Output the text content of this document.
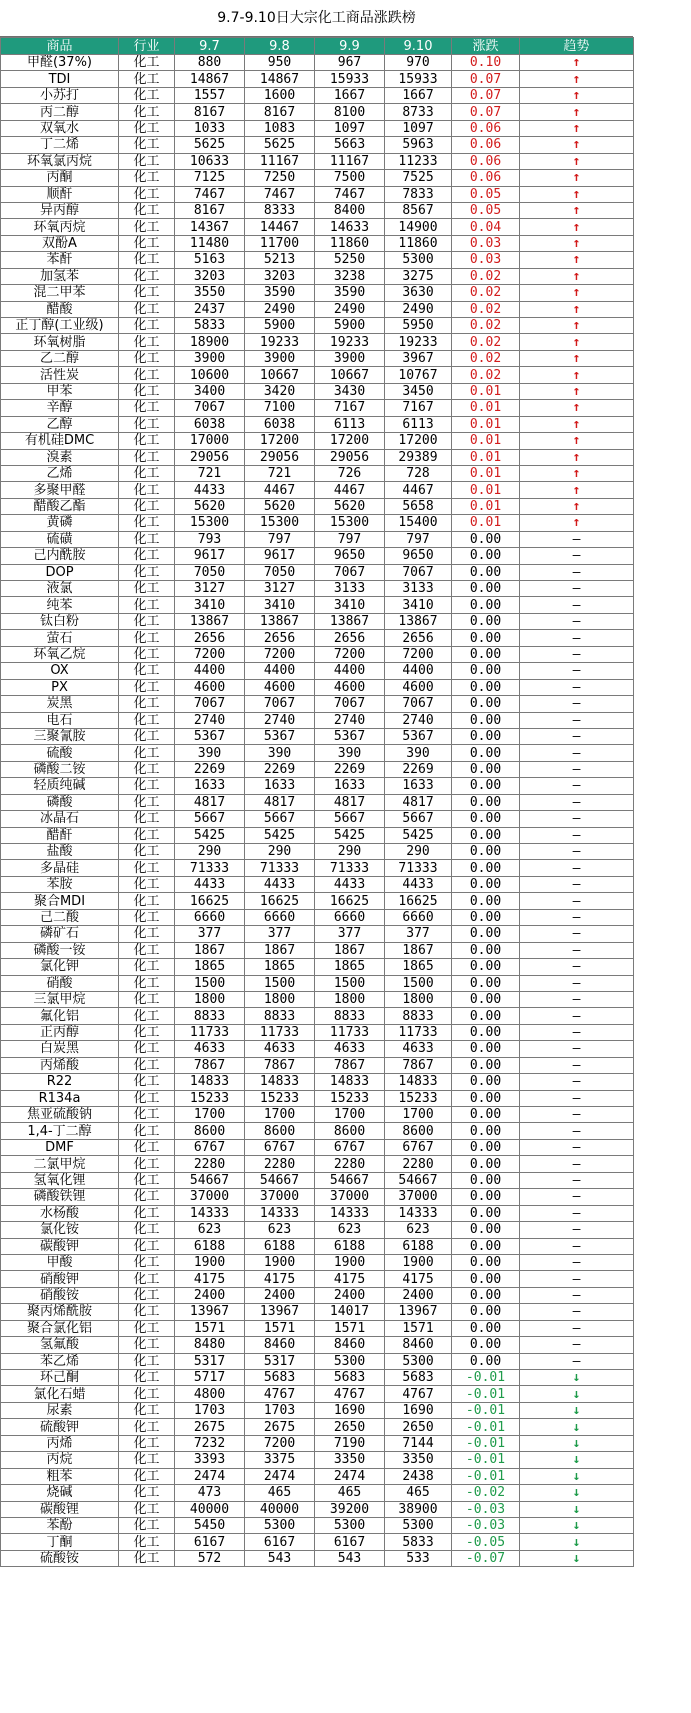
9.7-9.10日大宗化工商品涨跌榜
商品	行业	9.7	9.8	9.9	9.10	涨跌	趋势
甲醛(37%)	化工	880	950	967	970	0.10	↑
TDI	化工	14867	14867	15933	15933	0.07	↑
小苏打	化工	1557	1600	1667	1667	0.07	↑
丙二醇	化工	8167	8167	8100	8733	0.07	↑
双氧水	化工	1033	1083	1097	1097	0.06	↑
丁二烯	化工	5625	5625	5663	5963	0.06	↑
环氧氯丙烷	化工	10633	11167	11167	11233	0.06	↑
丙酮	化工	7125	7250	7500	7525	0.06	↑
顺酐	化工	7467	7467	7467	7833	0.05	↑
异丙醇	化工	8167	8333	8400	8567	0.05	↑
环氧丙烷	化工	14367	14467	14633	14900	0.04	↑
双酚A	化工	11480	11700	11860	11860	0.03	↑
苯酐	化工	5163	5213	5250	5300	0.03	↑
加氢苯	化工	3203	3203	3238	3275	0.02	↑
混二甲苯	化工	3550	3590	3590	3630	0.02	↑
醋酸	化工	2437	2490	2490	2490	0.02	↑
正丁醇(工业级)	化工	5833	5900	5900	5950	0.02	↑
环氧树脂	化工	18900	19233	19233	19233	0.02	↑
乙二醇	化工	3900	3900	3900	3967	0.02	↑
活性炭	化工	10600	10667	10667	10767	0.02	↑
甲苯	化工	3400	3420	3430	3450	0.01	↑
辛醇	化工	7067	7100	7167	7167	0.01	↑
乙醇	化工	6038	6038	6113	6113	0.01	↑
有机硅DMC	化工	17000	17200	17200	17200	0.01	↑
溴素	化工	29056	29056	29056	29389	0.01	↑
乙烯	化工	721	721	726	728	0.01	↑
多聚甲醛	化工	4433	4467	4467	4467	0.01	↑
醋酸乙酯	化工	5620	5620	5620	5658	0.01	↑
黄磷	化工	15300	15300	15300	15400	0.01	↑
硫磺	化工	793	797	797	797	0.00	–
己内酰胺	化工	9617	9617	9650	9650	0.00	–
DOP	化工	7050	7050	7067	7067	0.00	–
液氯	化工	3127	3127	3133	3133	0.00	–
纯苯	化工	3410	3410	3410	3410	0.00	–
钛白粉	化工	13867	13867	13867	13867	0.00	–
萤石	化工	2656	2656	2656	2656	0.00	–
环氧乙烷	化工	7200	7200	7200	7200	0.00	–
OX	化工	4400	4400	4400	4400	0.00	–
PX	化工	4600	4600	4600	4600	0.00	–
炭黑	化工	7067	7067	7067	7067	0.00	–
电石	化工	2740	2740	2740	2740	0.00	–
三聚氰胺	化工	5367	5367	5367	5367	0.00	–
硫酸	化工	390	390	390	390	0.00	–
磷酸二铵	化工	2269	2269	2269	2269	0.00	–
轻质纯碱	化工	1633	1633	1633	1633	0.00	–
磷酸	化工	4817	4817	4817	4817	0.00	–
冰晶石	化工	5667	5667	5667	5667	0.00	–
醋酐	化工	5425	5425	5425	5425	0.00	–
盐酸	化工	290	290	290	290	0.00	–
多晶硅	化工	71333	71333	71333	71333	0.00	–
苯胺	化工	4433	4433	4433	4433	0.00	–
聚合MDI	化工	16625	16625	16625	16625	0.00	–
己二酸	化工	6660	6660	6660	6660	0.00	–
磷矿石	化工	377	377	377	377	0.00	–
磷酸一铵	化工	1867	1867	1867	1867	0.00	–
氯化钾	化工	1865	1865	1865	1865	0.00	–
硝酸	化工	1500	1500	1500	1500	0.00	–
三氯甲烷	化工	1800	1800	1800	1800	0.00	–
氟化铝	化工	8833	8833	8833	8833	0.00	–
正丙醇	化工	11733	11733	11733	11733	0.00	–
白炭黑	化工	4633	4633	4633	4633	0.00	–
丙烯酸	化工	7867	7867	7867	7867	0.00	–
R22	化工	14833	14833	14833	14833	0.00	–
R134a	化工	15233	15233	15233	15233	0.00	–
焦亚硫酸钠	化工	1700	1700	1700	1700	0.00	–
1,4-丁二醇	化工	8600	8600	8600	8600	0.00	–
DMF	化工	6767	6767	6767	6767	0.00	–
二氯甲烷	化工	2280	2280	2280	2280	0.00	–
氢氧化锂	化工	54667	54667	54667	54667	0.00	–
磷酸铁锂	化工	37000	37000	37000	37000	0.00	–
水杨酸	化工	14333	14333	14333	14333	0.00	–
氯化铵	化工	623	623	623	623	0.00	–
碳酸钾	化工	6188	6188	6188	6188	0.00	–
甲酸	化工	1900	1900	1900	1900	0.00	–
硝酸钾	化工	4175	4175	4175	4175	0.00	–
硝酸铵	化工	2400	2400	2400	2400	0.00	–
聚丙烯酰胺	化工	13967	13967	14017	13967	0.00	–
聚合氯化铝	化工	1571	1571	1571	1571	0.00	–
氢氟酸	化工	8480	8460	8460	8460	0.00	–
苯乙烯	化工	5317	5317	5300	5300	0.00	–
环己酮	化工	5717	5683	5683	5683	-0.01	↓
氯化石蜡	化工	4800	4767	4767	4767	-0.01	↓
尿素	化工	1703	1703	1690	1690	-0.01	↓
硫酸钾	化工	2675	2675	2650	2650	-0.01	↓
丙烯	化工	7232	7200	7190	7144	-0.01	↓
丙烷	化工	3393	3375	3350	3350	-0.01	↓
粗苯	化工	2474	2474	2474	2438	-0.01	↓
烧碱	化工	473	465	465	465	-0.02	↓
碳酸锂	化工	40000	40000	39200	38900	-0.03	↓
苯酚	化工	5450	5300	5300	5300	-0.03	↓
丁酮	化工	6167	6167	6167	5833	-0.05	↓
硫酸铵	化工	572	543	543	533	-0.07	↓
